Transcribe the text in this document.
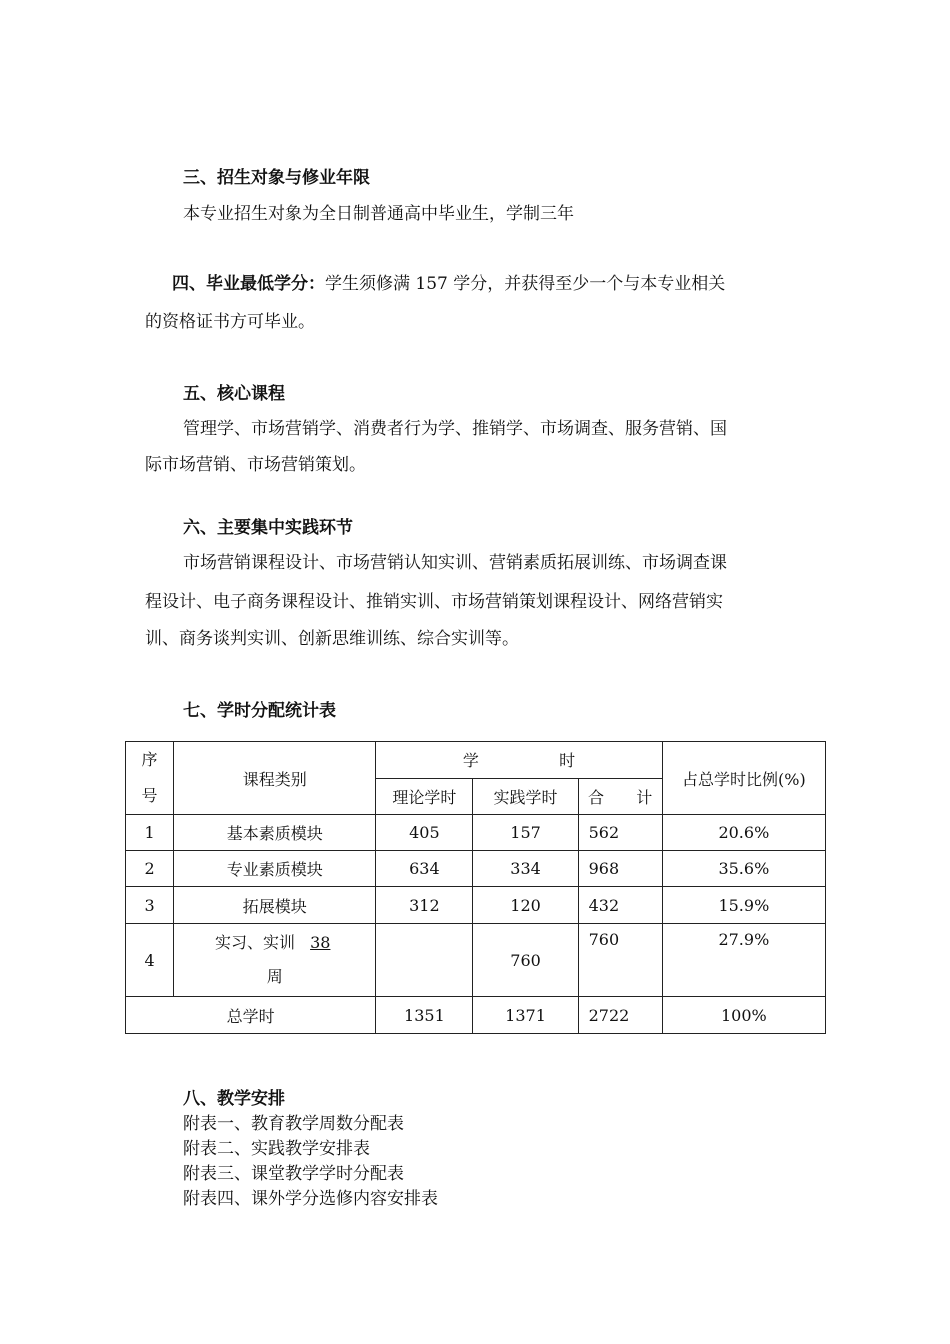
三、招生对象与修业年限
本专业招生对象为全日制普通高中毕业生，学制三年
四、毕业最低学分：学生须修满 157 学分，并获得至少一个与本专业相关
的资格证书方可毕业。
五、核心课程
管理学、市场营销学、消费者行为学、推销学、市场调查、服务营销、国
际市场营销、市场营销策划。
六、主要集中实践环节
市场营销课程设计、市场营销认知实训、营销素质拓展训练、市场调查课
程设计、电子商务课程设计、推销实训、市场营销策划课程设计、网络营销实
训、商务谈判实训、创新思维训练、综合实训等。
七、学时分配统计表
序
号	课程类别	学 时			占总学时比例(%)
		理论学时	实践学时	合 计	
1	基本素质模块	405	157	562	20.6%
2	专业素质模块	634	334	968	35.6%
3	拓展模块	312	120	432	15.9%
4	实习、实训 38
周		760	760	27.9%
总学时		1351	1371	2722	100%
八、教学安排
附表一、教育教学周数分配表
附表二、实践教学安排表
附表三、课堂教学学时分配表
附表四、课外学分选修内容安排表
